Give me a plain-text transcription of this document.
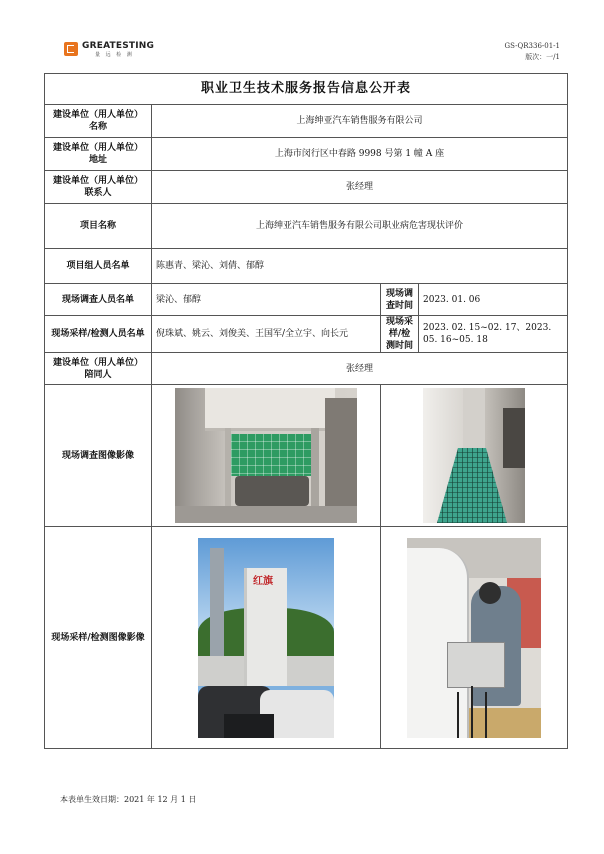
GREATESTING
量 远 检 测
GS-QR336-01-1
版次：一/1
职业卫生技术服务报告信息公开表			
建设单位（用人单位）名称	上海绅亚汽车销售服务有限公司		
建设单位（用人单位）地址	上海市闵行区中春路 9998 号第 1 幢 A 座		
建设单位（用人单位）联系人	张经理		
项目名称	上海绅亚汽车销售服务有限公司职业病危害现状评价		
项目组人员名单	陈惠青、梁沁、刘倩、郁醇		
现场调查人员名单	梁沁、郁醇	现场调查时间	2023. 01. 06
现场采样/检测人员名单	倪珠斌、姚云、刘俊美、王国军/全立宇、向长元	现场采样/检测时间	2023. 02. 15~02. 17、2023. 05. 16~05. 18
建设单位（用人单位）陪同人	张经理		
现场调查图像影像		

现场采样/检测图像影像	红旗		

本表单生效日期：2021 年 12 月 1 日
